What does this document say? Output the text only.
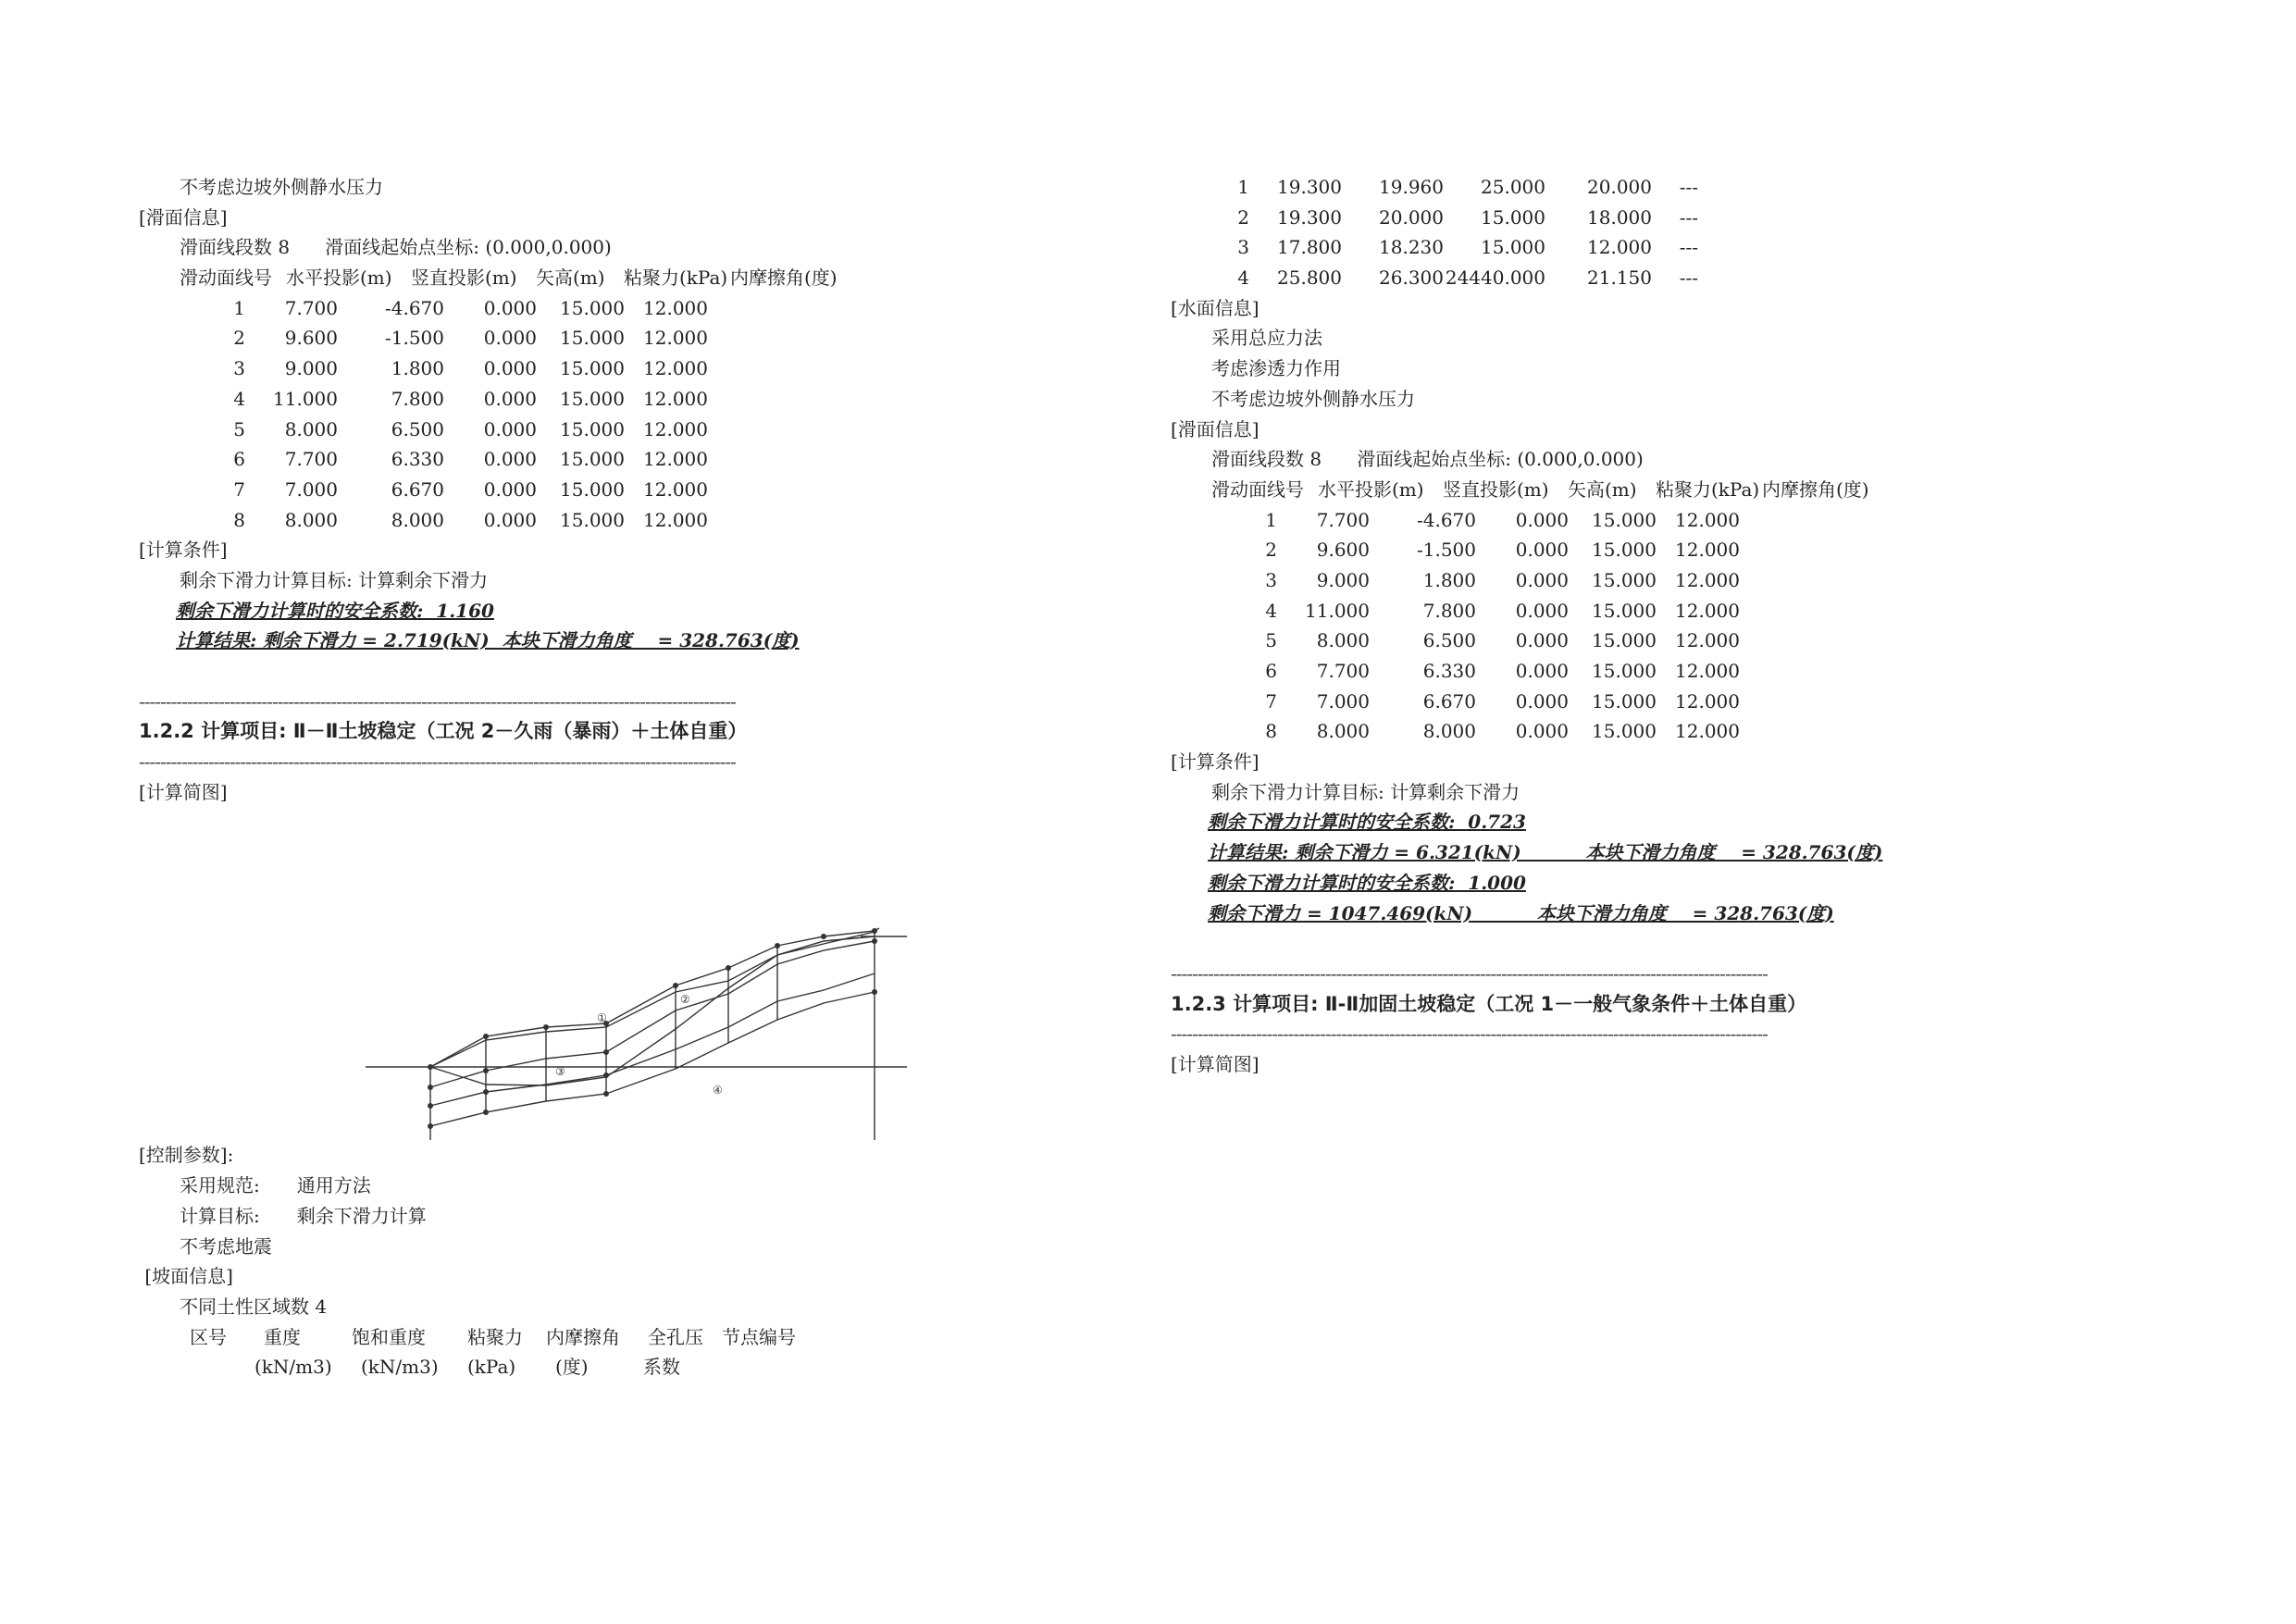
不考虑边坡外侧静水压力
[滑面信息]
滑面线段数 8      滑面线起始点坐标: (0.000,0.000)
滑动面线号 水平投影(m)	竖直投影(m)	矢高(m)	粘聚力(kPa) 内摩擦角(度)
1	7.700	-4.670	0.000	15.000	12.000
2	9.600	-1.500	0.000	15.000	12.000
3	9.000	1.800	0.000	15.000	12.000
4	11.000	7.800	0.000	15.000	12.000
5	8.000	6.500	0.000	15.000	12.000
6	7.700	6.330	0.000	15.000	12.000
7	7.000	6.670	0.000	15.000	12.000
8	8.000	8.000	0.000	15.000	12.000
[计算条件]
剩余下滑力计算目标: 计算剩余下滑力
剩余下滑力计算时的安全系数:  1.160
计算结果: 剩余下滑力 = 2.719(kN)  本块下滑力角度    = 328.763(度)
----------------------------------------------------------------------------------------------------------------
1.2.2 计算项目: Ⅱ－Ⅱ土坡稳定（工况 2－久雨（暴雨）＋土体自重）
----------------------------------------------------------------------------------------------------------------
[计算简图]
①
②
③
④
[控制参数]:
采用规范: 通用方法
计算目标: 剩余下滑力计算
不考虑地震
[坡面信息]
不同土性区域数 4
区号	重度	饱和重度	粘聚力	内摩擦角	全孔压	节点编号
(kN/m3)	(kN/m3)	(kPa)	(度)	系数
1	19.300	19.960	25.000	20.000	---
2	19.300	20.000	15.000	18.000	---
3	17.800	18.230	15.000	12.000	---
4	25.800	26.300 24440.000	21.150	---
[水面信息]
采用总应力法
考虑渗透力作用
不考虑边坡外侧静水压力
[滑面信息]
滑面线段数 8      滑面线起始点坐标: (0.000,0.000)
滑动面线号 水平投影(m)	竖直投影(m)	矢高(m)	粘聚力(kPa) 内摩擦角(度)
1	7.700	-4.670	0.000	15.000	12.000
2	9.600	-1.500	0.000	15.000	12.000
3	9.000	1.800	0.000	15.000	12.000
4	11.000	7.800	0.000	15.000	12.000
5	8.000	6.500	0.000	15.000	12.000
6	7.700	6.330	0.000	15.000	12.000
7	7.000	6.670	0.000	15.000	12.000
8	8.000	8.000	0.000	15.000	12.000
[计算条件]
剩余下滑力计算目标: 计算剩余下滑力
剩余下滑力计算时的安全系数:  0.723
计算结果: 剩余下滑力 = 6.321(kN)          本块下滑力角度    = 328.763(度)
剩余下滑力计算时的安全系数:  1.000
剩余下滑力 = 1047.469(kN)          本块下滑力角度    = 328.763(度)
----------------------------------------------------------------------------------------------------------------
1.2.3 计算项目: Ⅱ-Ⅱ加固土坡稳定（工况 1－一般气象条件＋土体自重）
----------------------------------------------------------------------------------------------------------------
[计算简图]
